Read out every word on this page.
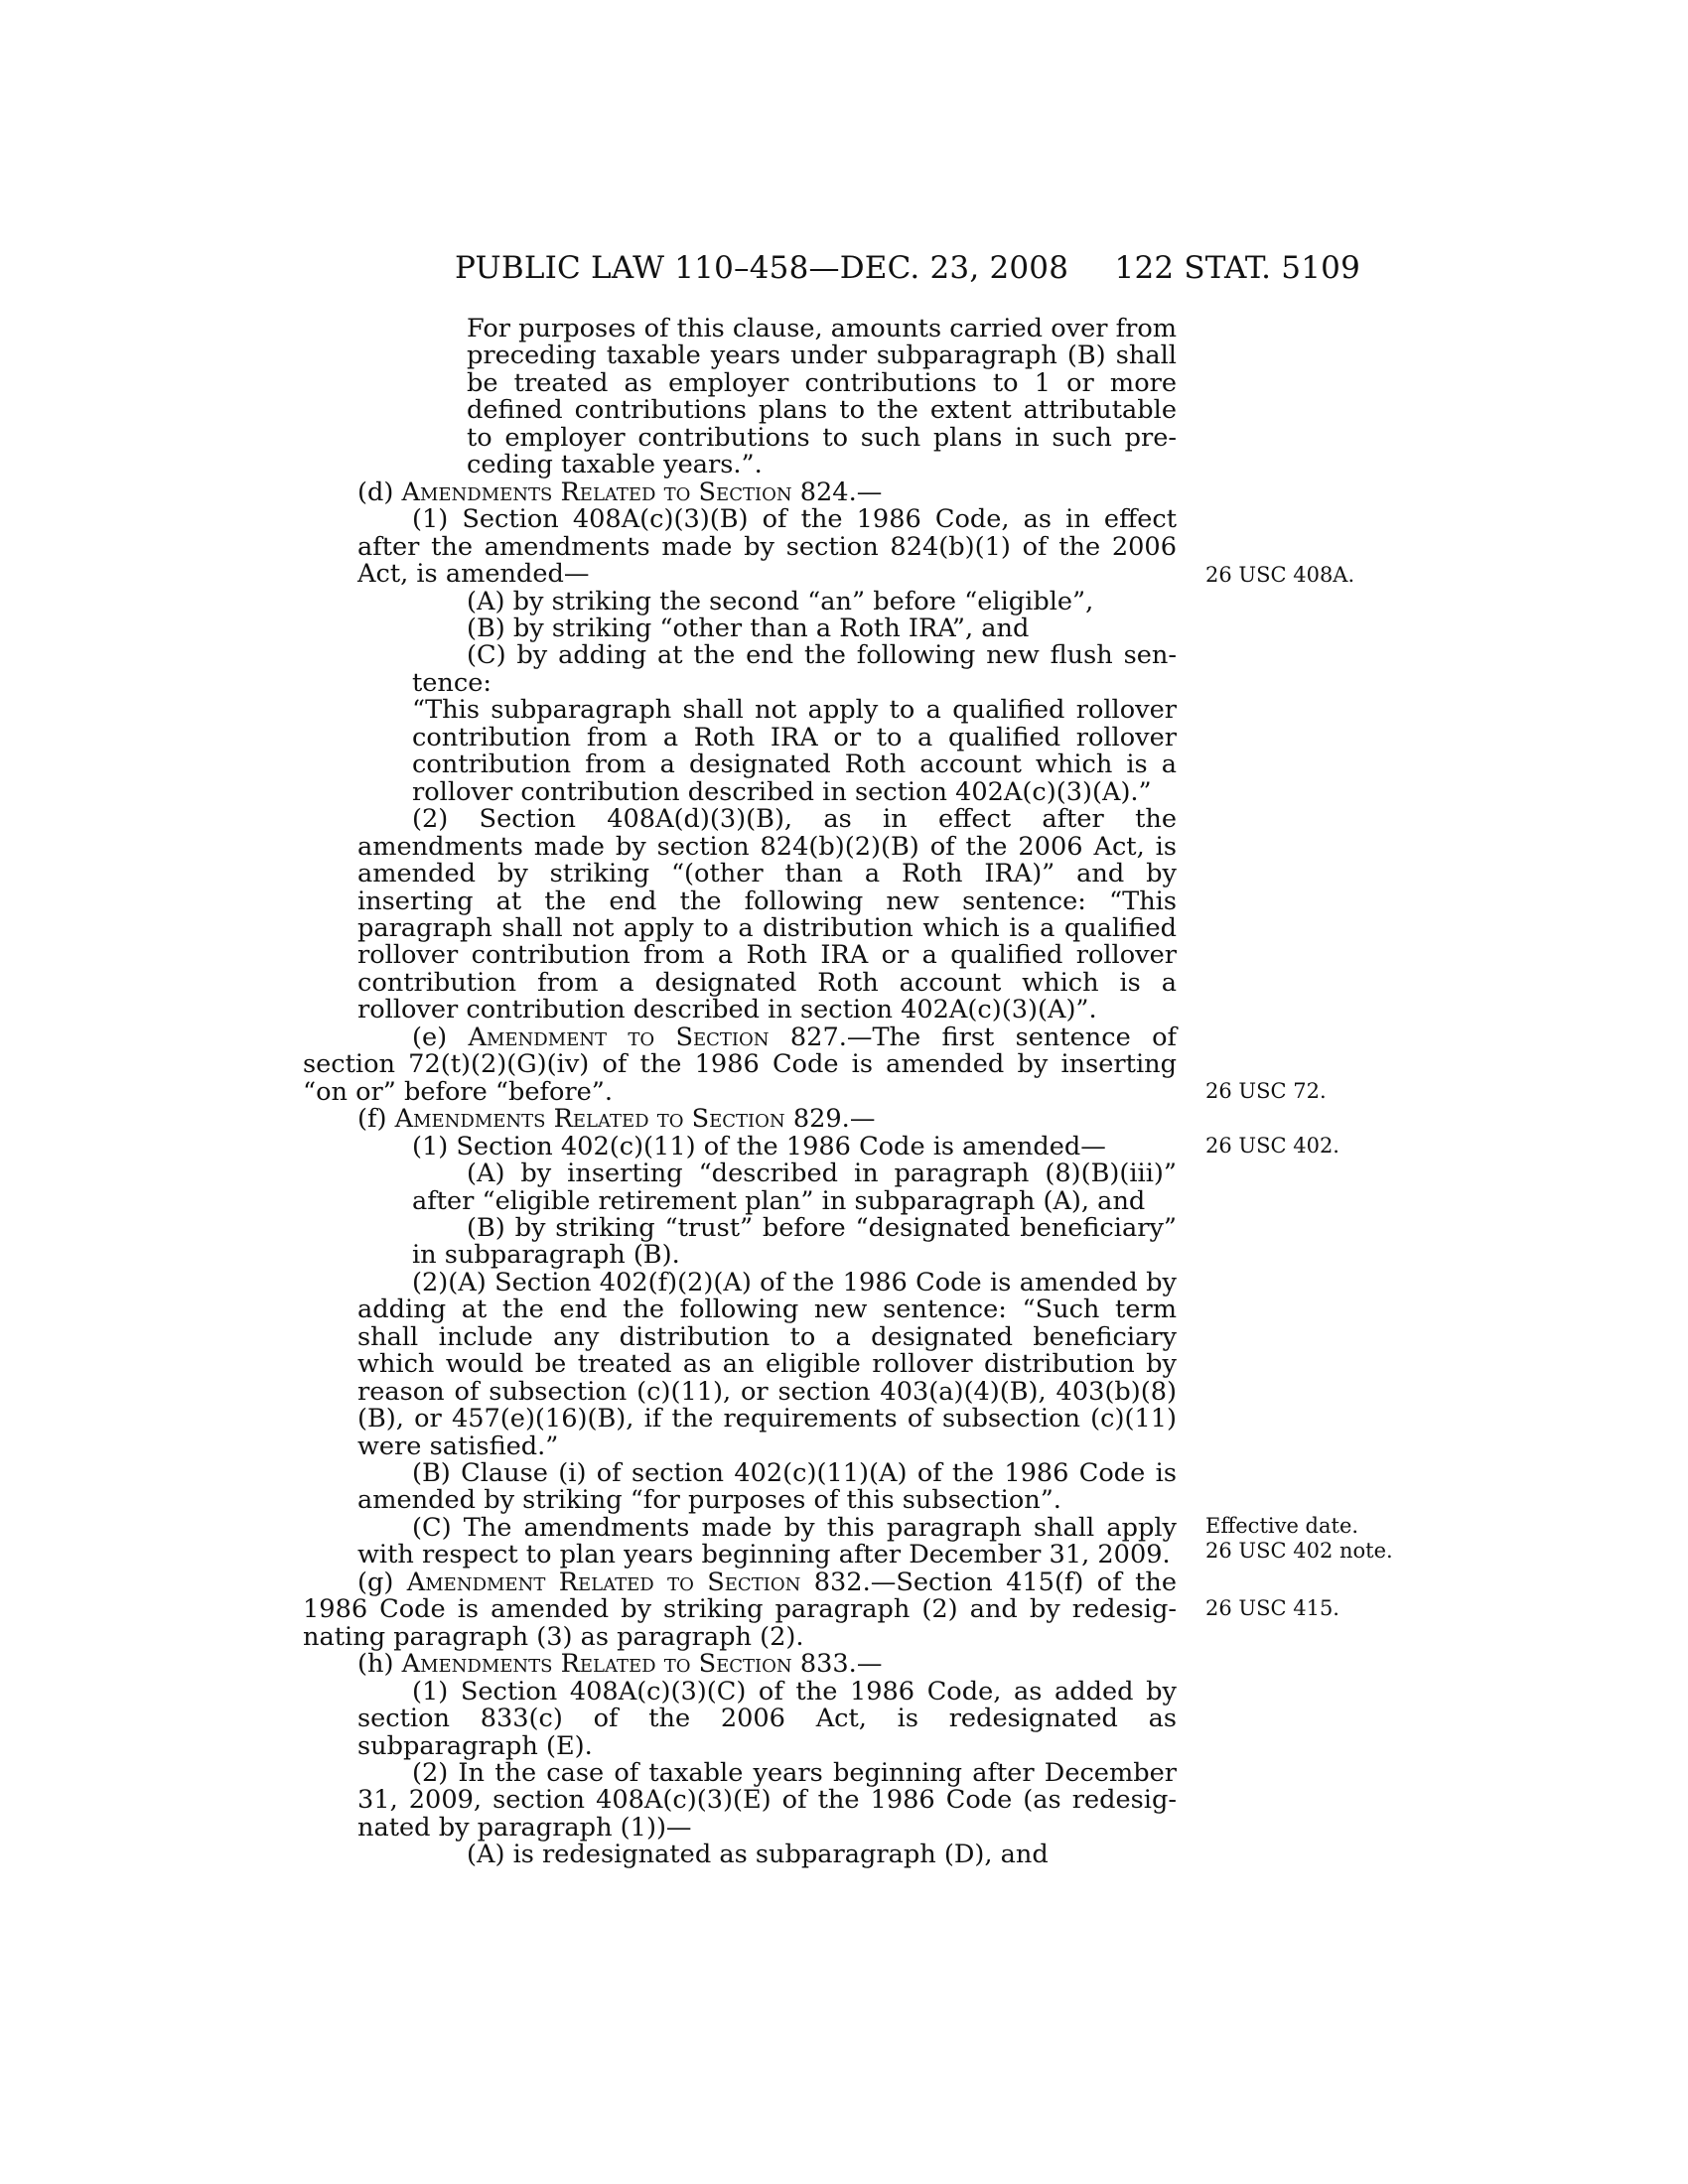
PUBLIC LAW 110–458—DEC. 23, 2008 122 STAT. 5109

For purposes of this clause, amounts carried over from preceding taxable years under subparagraph (B) shall be treated as employer contributions to 1 or more defined contributions plans to the extent attributable to employer contributions to such plans in such pre-ceding taxable years.”.

(d) Amendments Related to Section 824.—

(1) Section 408A(c)(3)(B) of the 1986 Code, as in effect after the amendments made by section 824(b)(1) of the 2006 Act, is amended—

(A) by striking the second “an” before “eligible”,

(B) by striking “other than a Roth IRA”, and

(C) by adding at the end the following new flush sen-tence:

“This subparagraph shall not apply to a qualified rollover contribution from a Roth IRA or to a qualified rollover contribution from a designated Roth account which is a rollover contribution described in section 402A(c)(3)(A).”

(2) Section 408A(d)(3)(B), as in effect after the amendments made by section 824(b)(2)(B) of the 2006 Act, is amended by striking “(other than a Roth IRA)” and by inserting at the end the following new sentence: “This paragraph shall not apply to a distribution which is a qualified rollover contribution from a Roth IRA or a qualified rollover contribution from a designated Roth account which is a rollover contribution described in section 402A(c)(3)(A)”.

(e) Amendment to Section 827.—The first sentence of section 72(t)(2)(G)(iv) of the 1986 Code is amended by inserting “on or” before “before”.

(f) Amendments Related to Section 829.—

(1) Section 402(c)(11) of the 1986 Code is amended—

(A) by inserting “described in paragraph (8)(B)(iii)” after “eligible retirement plan” in subparagraph (A), and

(B) by striking “trust” before “designated beneficiary” in subparagraph (B).

(2)(A) Section 402(f)(2)(A) of the 1986 Code is amended by adding at the end the following new sentence: “Such term shall include any distribution to a designated beneficiary which would be treated as an eligible rollover distribution by reason of subsection (c)(11), or section 403(a)(4)(B), 403(b)(8)(B), or 457(e)(16)(B), if the requirements of subsection (c)(11) were satisfied.”

(B) Clause (i) of section 402(c)(11)(A) of the 1986 Code is amended by striking “for purposes of this subsection”.

(C) The amendments made by this paragraph shall apply with respect to plan years beginning after December 31, 2009.

(g) Amendment Related to Section 832.—Section 415(f) of the 1986 Code is amended by striking paragraph (2) and by redesig-nating paragraph (3) as paragraph (2).

(h) Amendments Related to Section 833.—

(1) Section 408A(c)(3)(C) of the 1986 Code, as added by section 833(c) of the 2006 Act, is redesignated as subparagraph (E).

(2) In the case of taxable years beginning after December 31, 2009, section 408A(c)(3)(E) of the 1986 Code (as redesig-nated by paragraph (1))—

(A) is redesignated as subparagraph (D), and

26 USC 408A.
26 USC 72.
26 USC 402.
Effective date.
26 USC 402 note.
26 USC 415.
